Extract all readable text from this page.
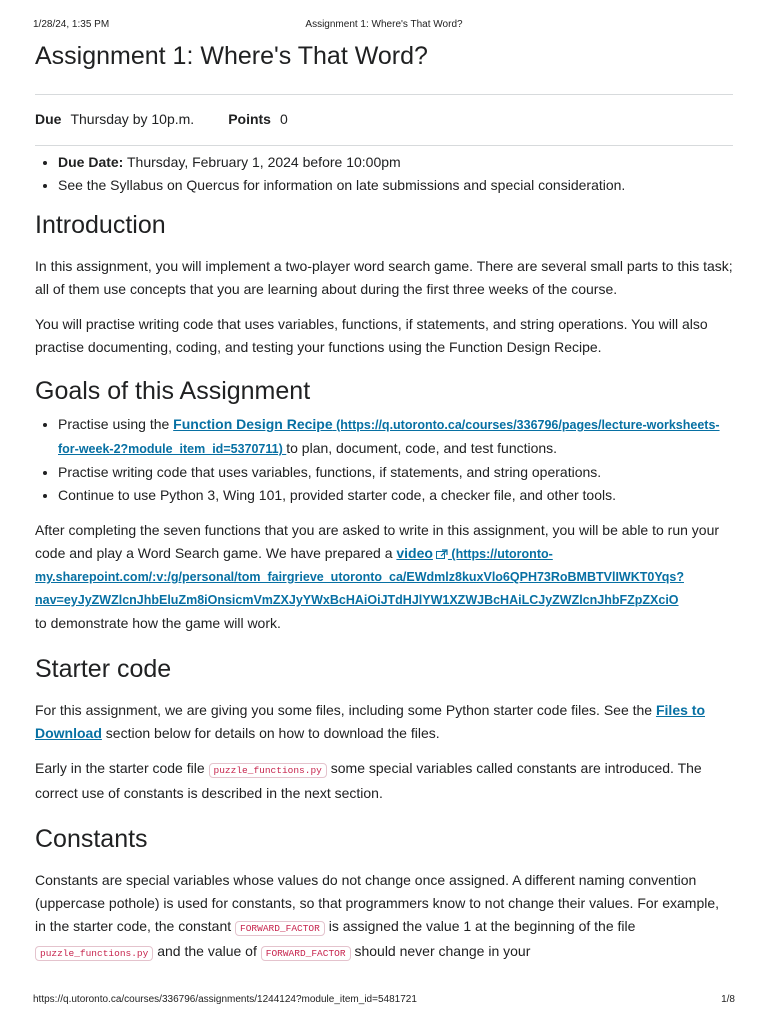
1/28/24, 1:35 PM	Assignment 1: Where's That Word?
Assignment 1: Where's That Word?
Due Thursday by 10p.m. Points 0
• Due Date: Thursday, February 1, 2024 before 10:00pm
• See the Syllabus on Quercus for information on late submissions and special consideration.
Introduction

In this assignment, you will implement a two-player word search game. There are several small parts to this task; all of them use concepts that you are learning about during the first three weeks of the course.

You will practise writing code that uses variables, functions, if statements, and string operations. You will also practise documenting, coding, and testing your functions using the Function Design Recipe.

Goals of this Assignment
• Practise using the Function Design Recipe (https://q.utoronto.ca/courses/336796/pages/lecture-worksheets-for-week-2?module_item_id=5370711) to plan, document, code, and test functions.
• Practise writing code that uses variables, functions, if statements, and string operations.
• Continue to use Python 3, Wing 101, provided starter code, a checker file, and other tools.

After completing the seven functions that you are asked to write in this assignment, you will be able to run your code and play a Word Search game. We have prepared a video (https://utoronto-
my.sharepoint.com/:v:/g/personal/tom_fairgrieve_utoronto_ca/EWdmlz8kuxVlo6QPH73RoBMBTVlIWKT0Yqs?
nav=eyJyZWZlcnJhbEluZm8iOnsicmVmZXJyYWxBcHAiOiJTdHJlYW1XZWJBcHAiLCJyZWZlcnJhbFZpZXciO
to demonstrate how the game will work.

Starter code

For this assignment, we are giving you some files, including some Python starter code files. See the Files to Download section below for details on how to download the files.

Early in the starter code file puzzle_functions.py some special variables called constants are introduced. The correct use of constants is described in the next section.

Constants

Constants are special variables whose values do not change once assigned. A different naming convention (uppercase pothole) is used for constants, so that programmers know to not change their values. For example, in the starter code, the constant FORWARD_FACTOR is assigned the value 1 at the beginning of the file puzzle_functions.py and the value of FORWARD_FACTOR should never change in your

https://q.utoronto.ca/courses/336796/assignments/1244124?module_item_id=5481721	1/8
